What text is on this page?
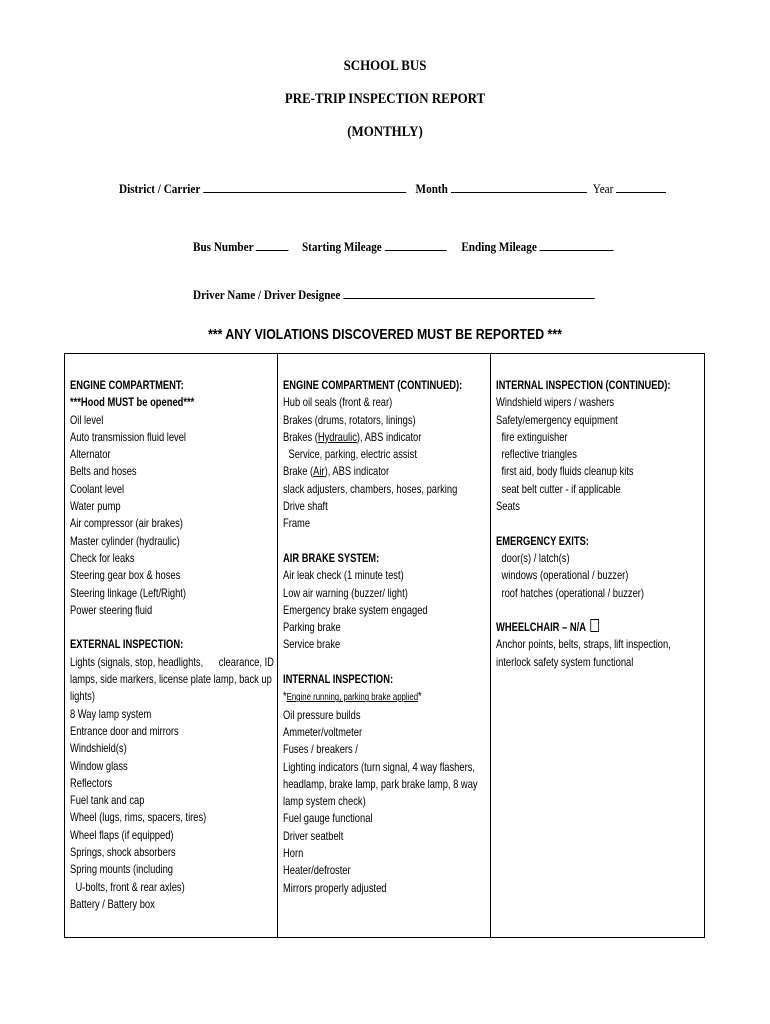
SCHOOL BUS
PRE-TRIP INSPECTION REPORT
(MONTHLY)
District / Carrier	Month	Year
Bus Number	Starting Mileage	Ending Mileage
Driver Name / Driver Designee
*** ANY VIOLATIONS DISCOVERED MUST BE REPORTED ***
ENGINE COMPARTMENT:
***Hood MUST be opened***
Oil level
Auto transmission fluid level
Alternator
Belts and hoses
Coolant level
Water pump
Air compressor (air brakes)
Master cylinder (hydraulic)
Check for leaks
Steering gear box & hoses
Steering linkage (Left/Right)
Power steering fluid
EXTERNAL INSPECTION:
Lights (signals, stop, headlights,      clearance, ID
lamps, side markers, license plate lamp, back up
lights)
8 Way lamp system
Entrance door and mirrors
Windshield(s)
Window glass
Reflectors
Fuel tank and cap
Wheel (lugs, rims, spacers, tires)
Wheel flaps (if equipped)
Springs, shock absorbers
Spring mounts (including
U-bolts, front & rear axles)
Battery / Battery box
ENGINE COMPARTMENT (CONTINUED):
Hub oil seals (front & rear)
Brakes (drums, rotators, linings)
Brakes (Hydraulic), ABS indicator
Service, parking, electric assist
Brake (Air), ABS indicator
slack adjusters, chambers, hoses, parking
Drive shaft
Frame
AIR BRAKE SYSTEM:
Air leak check (1 minute test)
Low air warning (buzzer/ light)
Emergency brake system engaged
Parking brake
Service brake
INTERNAL INSPECTION:
*Engine running, parking brake applied*
Oil pressure builds
Ammeter/voltmeter
Fuses / breakers /
Lighting indicators (turn signal, 4 way flashers,
headlamp, brake lamp, park brake lamp, 8 way
lamp system check)
Fuel gauge functional
Driver seatbelt
Horn
Heater/defroster
Mirrors properly adjusted
INTERNAL INSPECTION (CONTINUED):
Windshield wipers / washers
Safety/emergency equipment
fire extinguisher
reflective triangles
first aid, body fluids cleanup kits
seat belt cutter - if applicable
Seats
EMERGENCY EXITS:
door(s) / latch(s)
windows (operational / buzzer)
roof hatches (operational / buzzer)
WHEELCHAIR – N/A
Anchor points, belts, straps, lift inspection,
interlock safety system functional
